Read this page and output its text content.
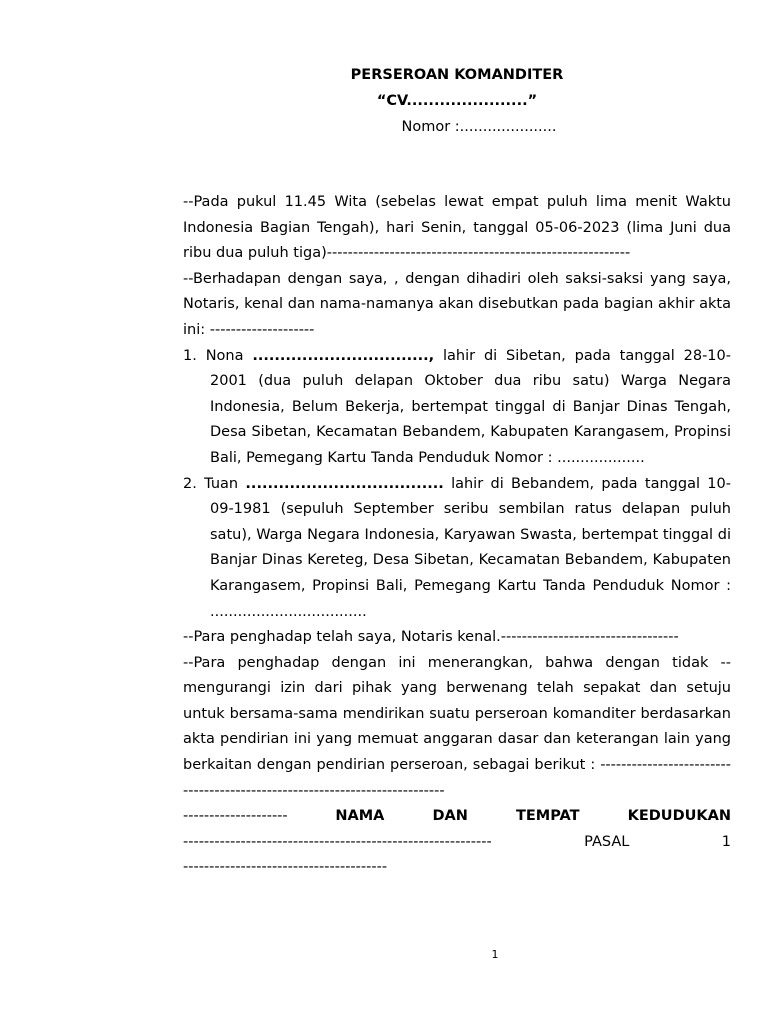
PERSEROAN KOMANDITER
“CV......................”
Nomor :.....................

--Pada pukul 11.45 Wita (sebelas lewat empat puluh lima menit Waktu Indonesia Bagian Tengah), hari Senin, tanggal 05-06-2023 (lima Juni dua ribu dua puluh tiga)----------------------------------------------------------

--Berhadapan dengan saya, , dengan dihadiri oleh saksi-saksi yang saya, Notaris, kenal dan nama-namanya akan disebutkan pada bagian akhir akta ini: --------------------

1. Nona ................................, lahir di Sibetan, pada tanggal 28-10-2001 (dua puluh delapan Oktober dua ribu satu) Warga Negara Indonesia, Belum Bekerja, bertempat tinggal di Banjar Dinas Tengah, Desa Sibetan, Kecamatan Bebandem, Kabupaten Karangasem, Propinsi Bali, Pemegang Kartu Tanda Penduduk Nomor : ...................

2. Tuan .................................... lahir di Bebandem, pada tanggal 10-09-1981 (sepuluh September seribu sembilan ratus delapan puluh satu), Warga Negara Indonesia, Karyawan Swasta, bertempat tinggal di Banjar Dinas Kereteg, Desa Sibetan, Kecamatan Bebandem, Kabupaten Karangasem, Propinsi Bali, Pemegang Kartu Tanda Penduduk Nomor : ..................................

--Para penghadap telah saya, Notaris kenal.----------------------------------

--Para penghadap dengan ini menerangkan, bahwa dengan tidak -- mengurangi izin dari pihak yang berwenang telah sepakat dan setuju untuk bersama-sama mendirikan suatu perseroan komanditer berdasarkan akta pendirian ini yang memuat anggaran dasar dan keterangan lain yang berkaitan dengan pendirian perseroan, sebagai berikut : ---------------------------------------------------------------------------

--------------------	NAMA DAN TEMPAT KEDUDUKAN

-----------------------------------------------------------	PASAL 1

---------------------------------------

1
